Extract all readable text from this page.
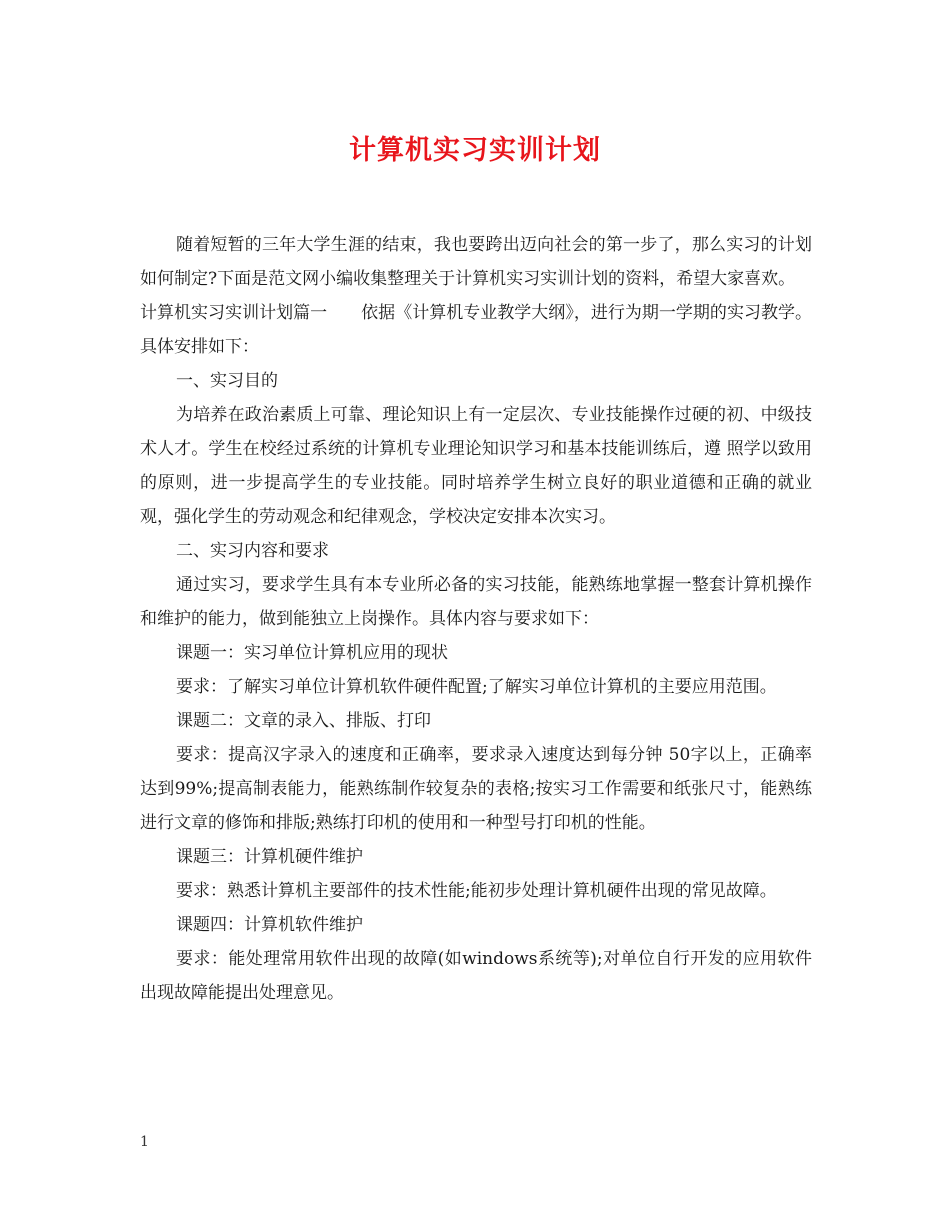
计算机实习实训计划

随着短暂的三年大学生涯的结束，我也要跨出迈向社会的第一步了，那么实习的计划如何制定?下面是范文网小编收集整理关于计算机实习实训计划的资料，希望大家喜欢。

计算机实习实训计划篇一　　依据《计算机专业教学大纲》，进行为期一学期的实习教学。具体安排如下：

一、实习目的

为培养在政治素质上可靠、理论知识上有一定层次、专业技能操作过硬的初、中级技术人才。学生在校经过系统的计算机专业理论知识学习和基本技能训练后，遵 照学以致用的原则，进一步提高学生的专业技能。同时培养学生树立良好的职业道德和正确的就业观，强化学生的劳动观念和纪律观念，学校决定安排本次实习。

二、实习内容和要求

通过实习，要求学生具有本专业所必备的实习技能，能熟练地掌握一整套计算机操作和维护的能力，做到能独立上岗操作。具体内容与要求如下：

课题一：实习单位计算机应用的现状

要求：了解实习单位计算机软件硬件配置;了解实习单位计算机的主要应用范围。

课题二：文章的录入、排版、打印

要求：提高汉字录入的速度和正确率，要求录入速度达到每分钟 50字以上，正确率达到99%;提高制表能力，能熟练制作较复杂的表格;按实习工作需要和纸张尺寸，能熟练进行文章的修饰和排版;熟练打印机的使用和一种型号打印机的性能。

课题三：计算机硬件维护

要求：熟悉计算机主要部件的技术性能;能初步处理计算机硬件出现的常见故障。

课题四：计算机软件维护

要求：能处理常用软件出现的故障(如windows系统等);对单位自行开发的应用软件出现故障能提出处理意见。

1
